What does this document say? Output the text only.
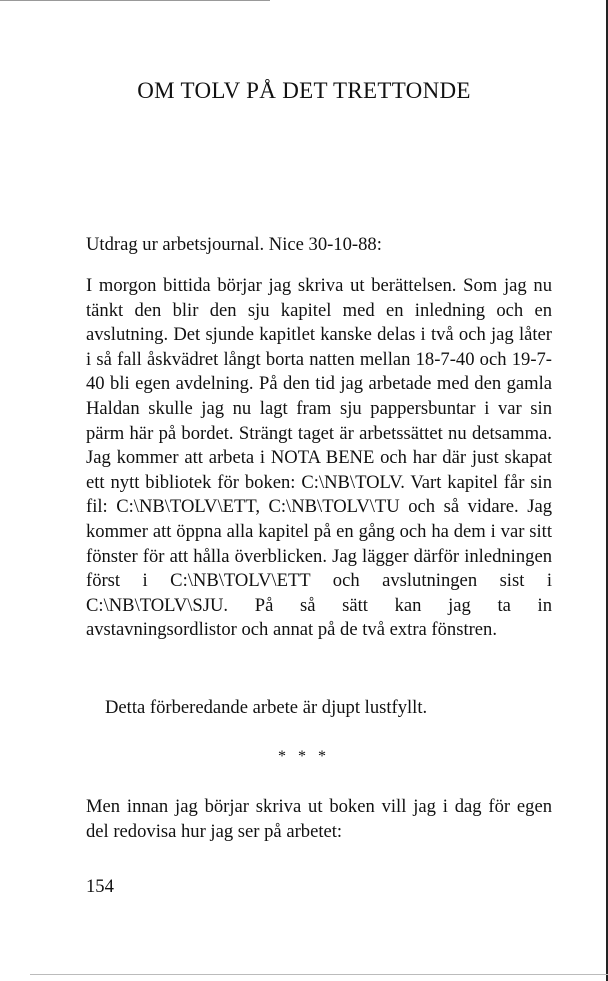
OM TOLV PÅ DET TRETTONDE

Utdrag ur arbetsjournal. Nice 30-10-88:

I morgon bittida börjar jag skriva ut berättelsen. Som jag nu tänkt den blir den sju kapitel med en inledning och en avslutning. Det sjunde kapitlet kanske delas i två och jag låter i så fall åskvädret långt borta natten mellan 18-7-40 och 19-7-40 bli egen avdelning. På den tid jag arbetade med den gamla Haldan skulle jag nu lagt fram sju pappersbuntar i var sin pärm här på bordet. Strängt taget är arbetssättet nu detsamma. Jag kommer att arbeta i NOTA BENE och har där just skapat ett nytt bibliotek för boken: C:\NB\TOLV. Vart kapitel får sin fil: C:\NB\TOLV\ETT, C:\NB\TOLV\TU och så vidare. Jag kommer att öppna alla kapitel på en gång och ha dem i var sitt fönster för att hålla överblicken. Jag lägger därför inledningen först i C:\NB\TOLV\ETT och avslutningen sist i C:\NB\TOLV\SJU. På så sätt kan jag ta in avstavningsordlistor och annat på de två extra fönstren.

Detta förberedande arbete är djupt lustfyllt.

* * *

Men innan jag börjar skriva ut boken vill jag i dag för egen del redovisa hur jag ser på arbetet:

154
